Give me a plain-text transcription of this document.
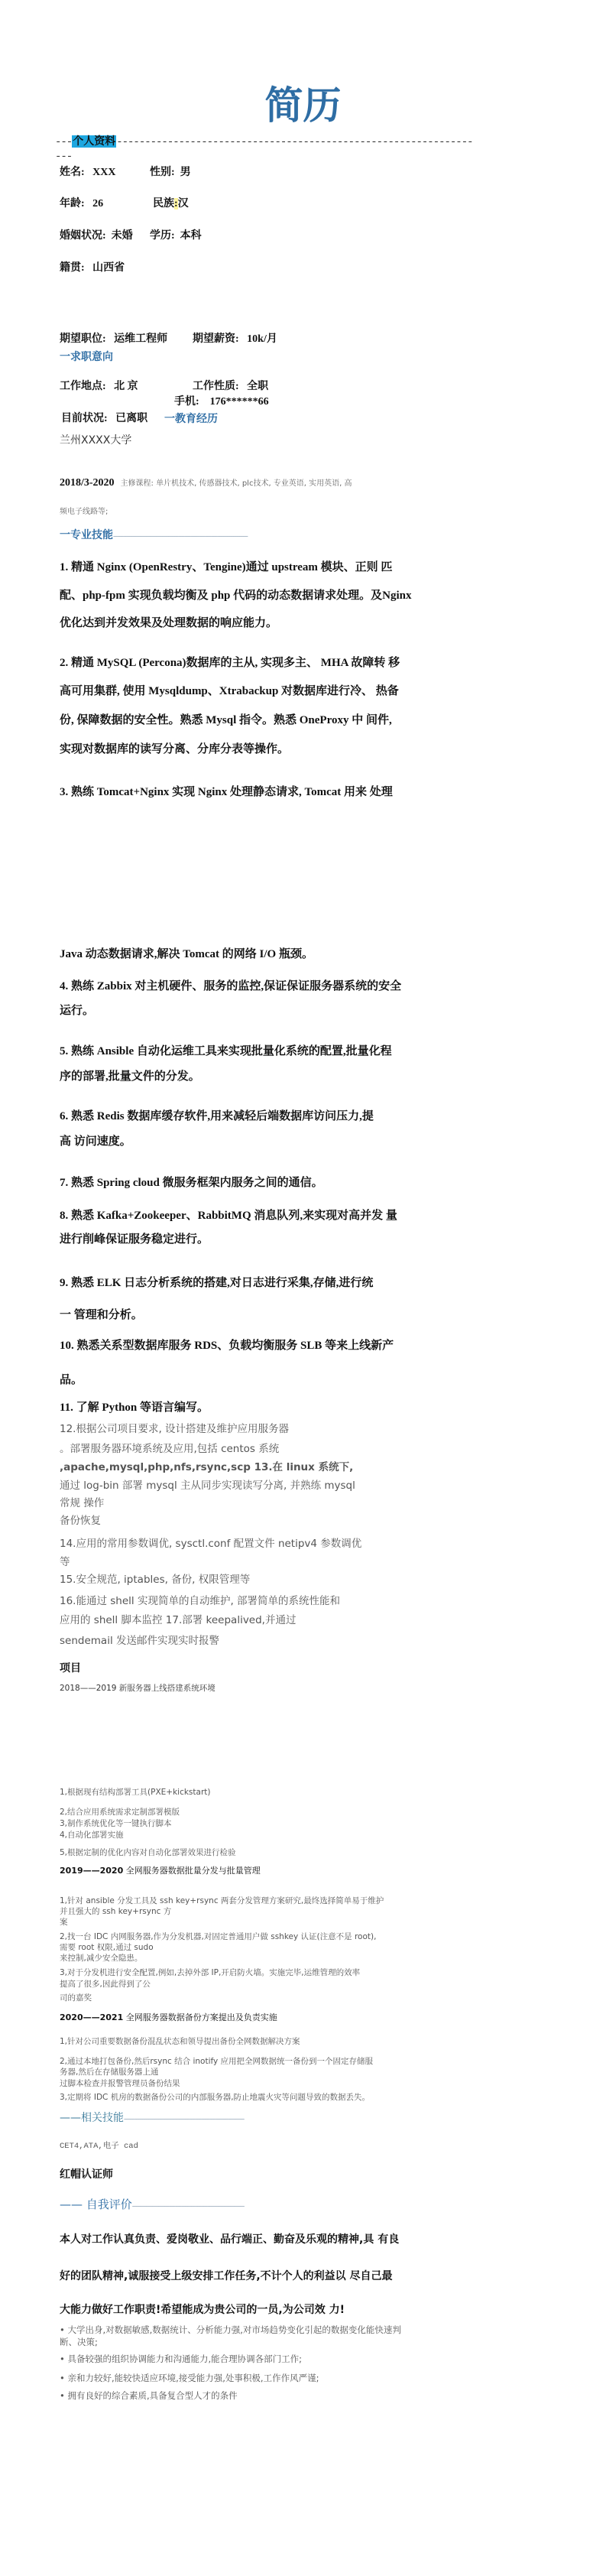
简历
---个人资料---------------------------------------------------------------
---
姓名: XXX	性别: 男
年龄: 26	民族:汉
婚姻状况: 未婚 学历: 本科
籍贯: 山西省
期望职位: 运维工程师 期望薪资: 10k/月
一求职意向
工作地点: 北 京	工作性质: 全职
手机: 176******66
目前状况: 已离职 一教育经历
兰州XXXX大学
2018/3-2020 主修课程: 单片机技术, 传感器技术, plc技术, 专业英语, 实用英语, 高
频电子线路等;
一专业技能------------------------------------------------------------------
1. 精通 Nginx (OpenRestry、Tengine)通过 upstream 模块、正则 匹
配、php-fpm 实现负载均衡及 php 代码的动态数据请求处理。及Nginx
优化达到并发效果及处理数据的响应能力。
2. 精通 MySQL (Percona)数据库的主从, 实现多主、 MHA 故障转 移
高可用集群, 使用 Mysqldump、Xtrabackup 对数据库进行冷、 热备
份, 保障数据的安全性。熟悉 Mysql 指令。熟悉 OneProxy 中 间件,
实现对数据库的读写分离、分库分表等操作。
3. 熟练 Tomcat+Nginx 实现 Nginx 处理静态请求, Tomcat 用来 处理
Java 动态数据请求,解决 Tomcat 的网络 I/O 瓶颈。
4. 熟练 Zabbix 对主机硬件、服务的监控,保证保证服务器系统的安全
运行。
5. 熟练 Ansible 自动化运维工具来实现批量化系统的配置,批量化程
序的部署,批量文件的分发。
6. 熟悉 Redis 数据库缓存软件,用来减轻后端数据库访问压力,提
高 访问速度。
7. 熟悉 Spring cloud 微服务框架内服务之间的通信。
8. 熟悉 Kafka+Zookeeper、RabbitMQ 消息队列,来实现对高并发 量
进行削峰保证服务稳定进行。
9. 熟悉 ELK 日志分析系统的搭建,对日志进行采集,存储,进行统
一 管理和分析。
10. 熟悉关系型数据库服务 RDS、负载均衡服务 SLB 等来上线新产
品。
11. 了解 Python 等语言编写。
12.根据公司项目要求, 设计搭建及维护应用服务器
。部署服务器环境系统及应用,包括 centos 系统
,apache,mysql,php,nfs,rsync,scp 13.在 linux 系统下,
通过 log-bin 部署 mysql 主从同步实现读写分离, 并熟练 mysql
常规 操作
备份恢复
14.应用的常用参数调优, sysctl.conf 配置文件 netipv4 参数调优
等
15.安全规范, iptables, 备份, 权限管理等
16.能通过 shell 实现简单的自动维护, 部署简单的系统性能和
应用的 shell 脚本监控 17.部署 keepalived,并通过
sendemail 发送邮件实现实时报警
项目
2018——2019 新服务器上线搭建系统环境
1,根据现有结构部署工具(PXE+kickstart)
2,结合应用系统需求定制部署模版
3,制作系统优化等一键执行脚本
4,自动化部署实施
5,根据定制的优化内容对自动化部署效果进行检验
2019——2020 全网服务器数据批量分发与批量管理
1,针对 ansible 分发工具及 ssh key+rsync 两套分发管理方案研究,最终选择简单易于维护
并且强大的 ssh key+rsync 方
案
2,找一台 IDC 内网服务器,作为分发机器,对固定普通用户做 sshkey 认证(注意不是 root),
需要 root 权限,通过 sudo
来控制,减少安全隐患。
3,对于分发机进行安全配置,例如,去掉外部 IP,开启防火墙。实施完毕,运维管理的效率
提高了很多,因此得到了公
司的嘉奖
2020——2021 全网服务器数据备份方案提出及负责实施
1,针对公司重要数据备份混乱状态和领导提出备份全网数据解决方案
2,通过本地打包备份,然后rsync 结合 inotify 应用把全网数据统一备份到一个固定存储服
务器,然后在存储服务器上通
过脚本检查并报警管理员备份结果
3,定期将 IDC 机房的数据备份公司的内部服务器,防止地震火灾等问题导致的数据丢失。
——相关技能-----------------------------------------------------------
CET4,ATA,电子 cad
红帽认证师
—— 自我评价-------------------------------------------------------
本人对工作认真负责、爱岗敬业、品行端正、勤奋及乐观的精神,具 有良
好的团队精神,诚服接受上级安排工作任务,不计个人的利益以 尽自己最
大能力做好工作职责!希望能成为贵公司的一员,为公司效 力!
• 大学出身,对数据敏感,数据统计、分析能力强,对市场趋势变化引起的数据变化能快速判
断、决策;
• 具备较强的组织协调能力和沟通能力,能合理协调各部门工作;
• 亲和力较好,能较快适应环境,接受能力强,处事积极,工作作风严谨;
• 拥有良好的综合素质,具备复合型人才的条件
